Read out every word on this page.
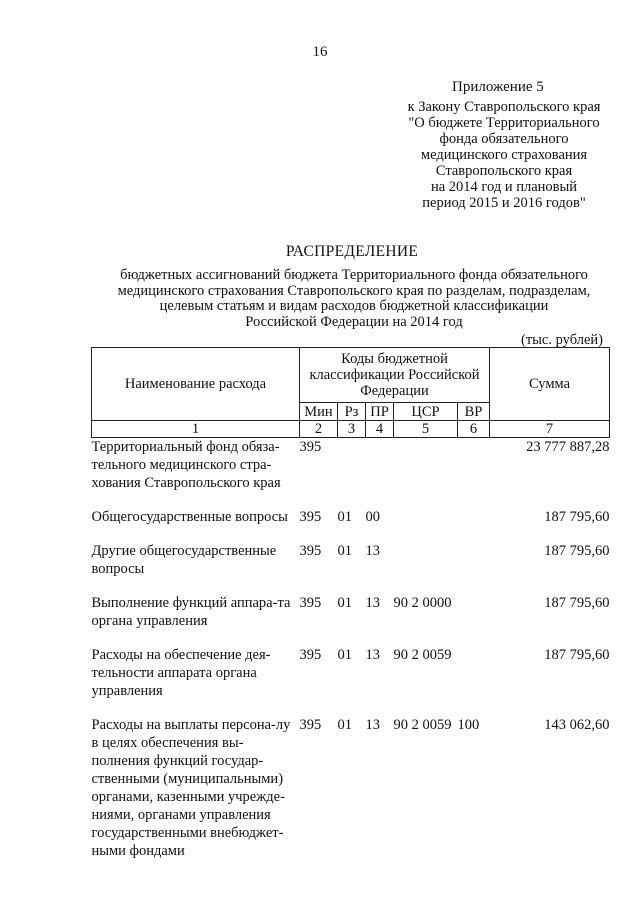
16
Приложение 5
к Закону Ставропольского края
"О бюджете Территориального
фонда обязательного
медицинского страхования
Ставропольского края
на 2014 год и плановый
период 2015 и 2016 годов"
РАСПРЕДЕЛЕНИЕ
бюджетных ассигнований бюджета Территориального фонда обязательного
медицинского страхования Ставропольского края по разделам, подразделам,
целевым статьям и видам расходов бюджетной классификации
Российской Федерации на 2014 год
(тыс. рублей)
Наименование расхода	Коды бюджетной классификации Российской Федерации					Сумма
	Мин	Рз	ПР	ЦСР	ВР	
1	2	3	4	5	6	7
Территориальный фонд обяза-тельного медицинского стра-хования Ставропольского края	395					23 777 887,28

Общегосударственные вопросы	395	01	00			187 795,60

Другие общегосударственные вопросы	395	01	13			187 795,60

Выполнение функций аппара-та органа управления	395	01	13	90 2 0000		187 795,60

Расходы на обеспечение дея-тельности аппарата органа управления	395	01	13	90 2 0059		187 795,60

Расходы на выплаты персона-лу в целях обеспечения вы-полнения функций государ-ственными (муниципальными) органами, казенными учрежде-ниями, органами управления государственными внебюджет-ными фондами	395	01	13	90 2 0059	100	143 062,60
